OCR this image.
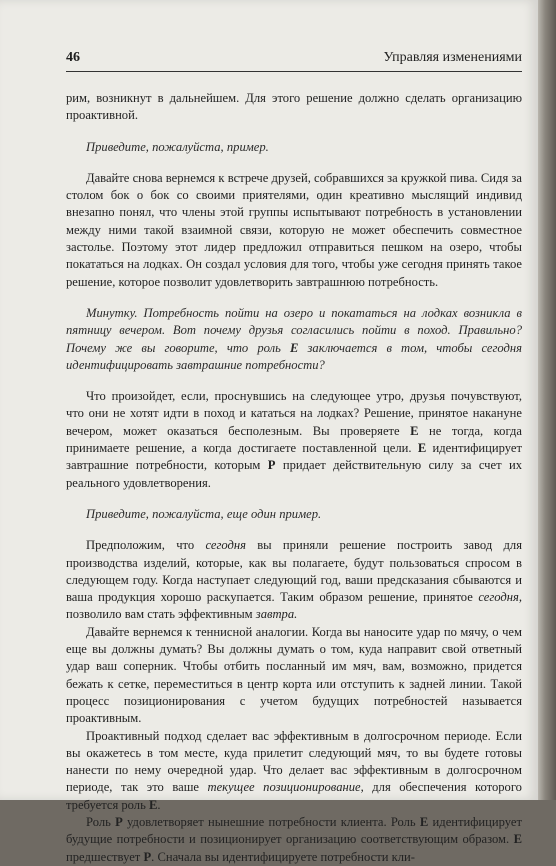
46	Управляя изменениями

рим, возникнут в дальнейшем. Для этого решение должно сделать организацию проактивной.

Приведите, пожалуйста, пример.

Давайте снова вернемся к встрече друзей, собравшихся за кружкой пива. Сидя за столом бок о бок со своими приятелями, один креативно мыслящий индивид внезапно понял, что члены этой группы испытывают потребность в установлении между ними такой взаимной связи, которую не может обеспечить совместное застолье. Поэтому этот лидер предложил отправиться пешком на озеро, чтобы покататься на лодках. Он создал условия для того, чтобы уже сегодня принять такое решение, которое позволит удовлетворить завтрашнюю потребность.

Минутку. Потребность пойти на озеро и покататься на лодках возникла в пятницу вечером. Вот почему друзья согласились пойти в поход. Правильно? Почему же вы говорите, что роль E заключается в том, чтобы сегодня идентифицировать завтрашние потребности?

Что произойдет, если, проснувшись на следующее утро, друзья почувствуют, что они не хотят идти в поход и кататься на лодках? Решение, принятое накануне вечером, может оказаться бесполезным. Вы проверяете E не тогда, когда принимаете решение, а когда достигаете поставленной цели. E идентифицирует завтрашние потребности, которым P придает действительную силу за счет их реального удовлетворения.

Приведите, пожалуйста, еще один пример.

Предположим, что сегодня вы приняли решение построить завод для производства изделий, которые, как вы полагаете, будут пользоваться спросом в следующем году. Когда наступает следующий год, ваши предсказания сбываются и ваша продукция хорошо раскупается. Таким образом решение, принятое сегодня, позволило вам стать эффективным завтра.

Давайте вернемся к теннисной аналогии. Когда вы наносите удар по мячу, о чем еще вы должны думать? Вы должны думать о том, куда направит свой ответный удар ваш соперник. Чтобы отбить посланный им мяч, вам, возможно, придется бежать к сетке, переместиться в центр корта или отступить к задней линии. Такой процесс позиционирования с учетом будущих потребностей называется проактивным.

Проактивный подход сделает вас эффективным в долгосрочном периоде. Если вы окажетесь в том месте, куда прилетит следующий мяч, то вы будете готовы нанести по нему очередной удар. Что делает вас эффективным в долгосрочном периоде, так это ваше текущее позиционирование, для обеспечения которого требуется роль E.

Роль P удовлетворяет нынешние потребности клиента. Роль E идентифицирует будущие потребности и позиционирует организацию соответствующим образом. E предшествует P. Сначала вы идентифицируете потребности кли-
